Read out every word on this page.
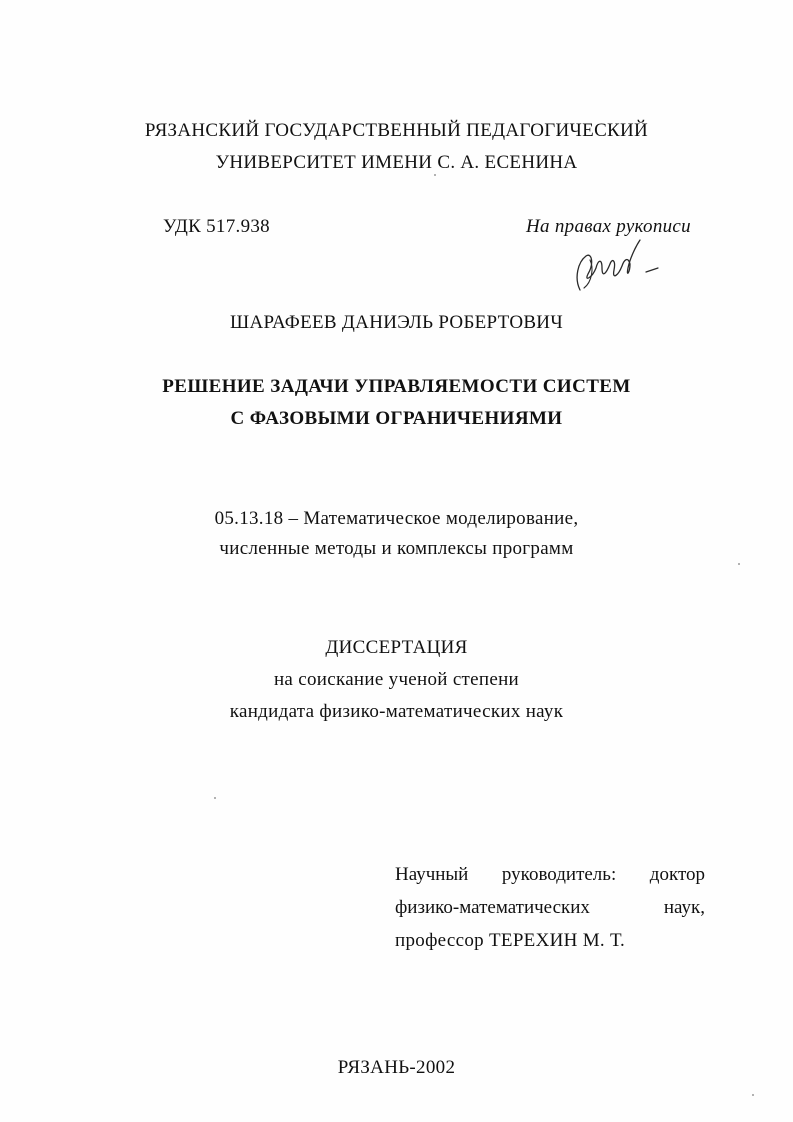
РЯЗАНСКИЙ ГОСУДАРСТВЕННЫЙ ПЕДАГОГИЧЕСКИЙ
УНИВЕРСИТЕТ ИМЕНИ С. А. ЕСЕНИНА
УДК 517.938	На правах рукописи
ШАРАФЕЕВ ДАНИЭЛЬ РОБЕРТОВИЧ
РЕШЕНИЕ ЗАДАЧИ УПРАВЛЯЕМОСТИ СИСТЕМ
С ФАЗОВЫМИ ОГРАНИЧЕНИЯМИ
05.13.18 – Математическое моделирование,
численные методы и комплексы программ
ДИССЕРТАЦИЯ
на соискание ученой степени
кандидата физико-математических наук
Научный руководитель: доктор
физико-математических	наук,
профессор ТЕРЕХИН М. Т.
РЯЗАНЬ-2002
